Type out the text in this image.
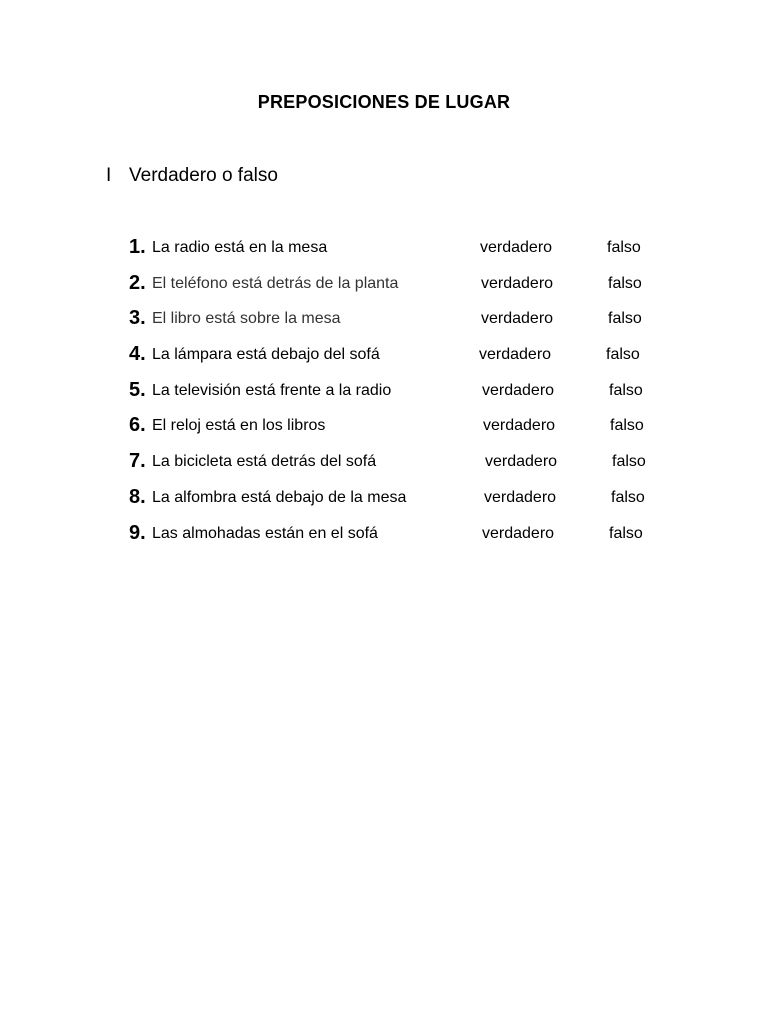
PREPOSICIONES DE LUGAR
I Verdadero o falso
1. La radio está en la mesa	verdadero	falso
2. El teléfono está detrás de la planta	verdadero	falso
3. El libro está sobre la mesa	verdadero	falso
4. La lámpara está debajo del sofá	verdadero	falso
5. La televisión está frente a la radio	verdadero	falso
6. El reloj está en los libros	verdadero	falso
7. La bicicleta está detrás del sofá	verdadero	falso
8. La alfombra está debajo de la mesa	verdadero	falso
9. Las almohadas están en el sofá	verdadero	falso
